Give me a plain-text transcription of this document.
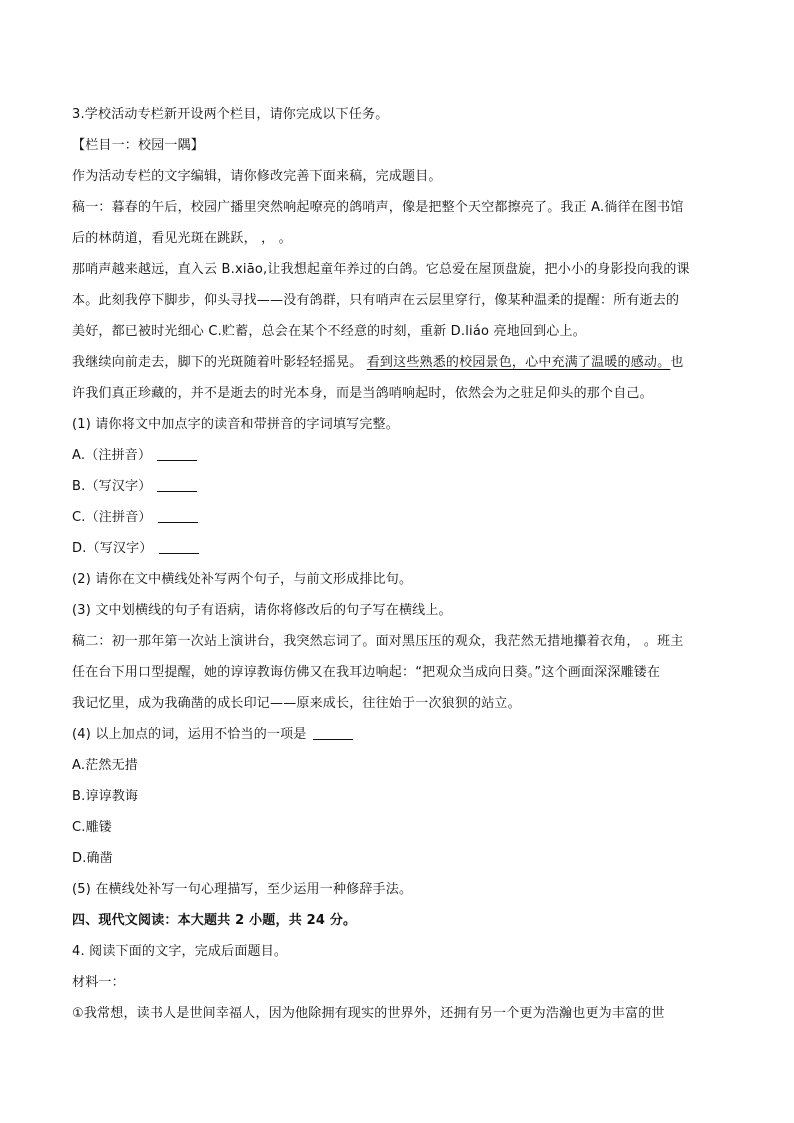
3.学校活动专栏新开设两个栏目，请你完成以下任务。
【栏目一：校园一隅】
作为活动专栏的文字编辑，请你修改完善下面来稿，完成题目。
稿一：暮春的午后，校园广播里突然响起嘹亮的鸽哨声，像是把整个天空都擦亮了。我正 A.徜徉在图书馆
后的林荫道，看见光斑在跳跃， ， 。
那哨声越来越远，直入云 B.xiāo,让我想起童年养过的白鸽。它总爱在屋顶盘旋，把小小的身影投向我的课
本。此刻我停下脚步，仰头寻找——没有鸽群，只有哨声在云层里穿行，像某种温柔的提醒：所有逝去的
美好，都已被时光细心 C.贮蓄，总会在某个不经意的时刻，重新 D.liáo 亮地回到心上。
我继续向前走去，脚下的光斑随着叶影轻轻摇晃。 看到这些熟悉的校园景色，心中充满了温暖的感动。也
许我们真正珍藏的，并不是逝去的时光本身，而是当鸽哨响起时，依然会为之驻足仰头的那个自己。
(1) 请你将文中加点字的读音和带拼音的字词填写完整。
A.（注拼音）
B.（写汉字）
C.（注拼音）
D.（写汉字）
(2) 请你在文中横线处补写两个句子，与前文形成排比句。
(3) 文中划横线的句子有语病，请你将修改后的句子写在横线上。
稿二：初一那年第一次站上演讲台，我突然忘词了。面对黑压压的观众，我茫然无措地攥着衣角， 。班主
任在台下用口型提醒，她的谆谆教诲仿佛又在我耳边响起：“把观众当成向日葵。”这个画面深深雕镂在
我记忆里，成为我确凿的成长印记——原来成长，往往始于一次狼狈的站立。
(4) 以上加点的词，运用不恰当的一项是
A.茫然无措
B.谆谆教诲
C.雕镂
D.确凿
(5) 在横线处补写一句心理描写，至少运用一种修辞手法。
四、现代文阅读：本大题共 2 小题，共 24 分。
4. 阅读下面的文字，完成后面题目。
材料一：
①我常想，读书人是世间幸福人，因为他除拥有现实的世界外，还拥有另一个更为浩瀚也更为丰富的世
